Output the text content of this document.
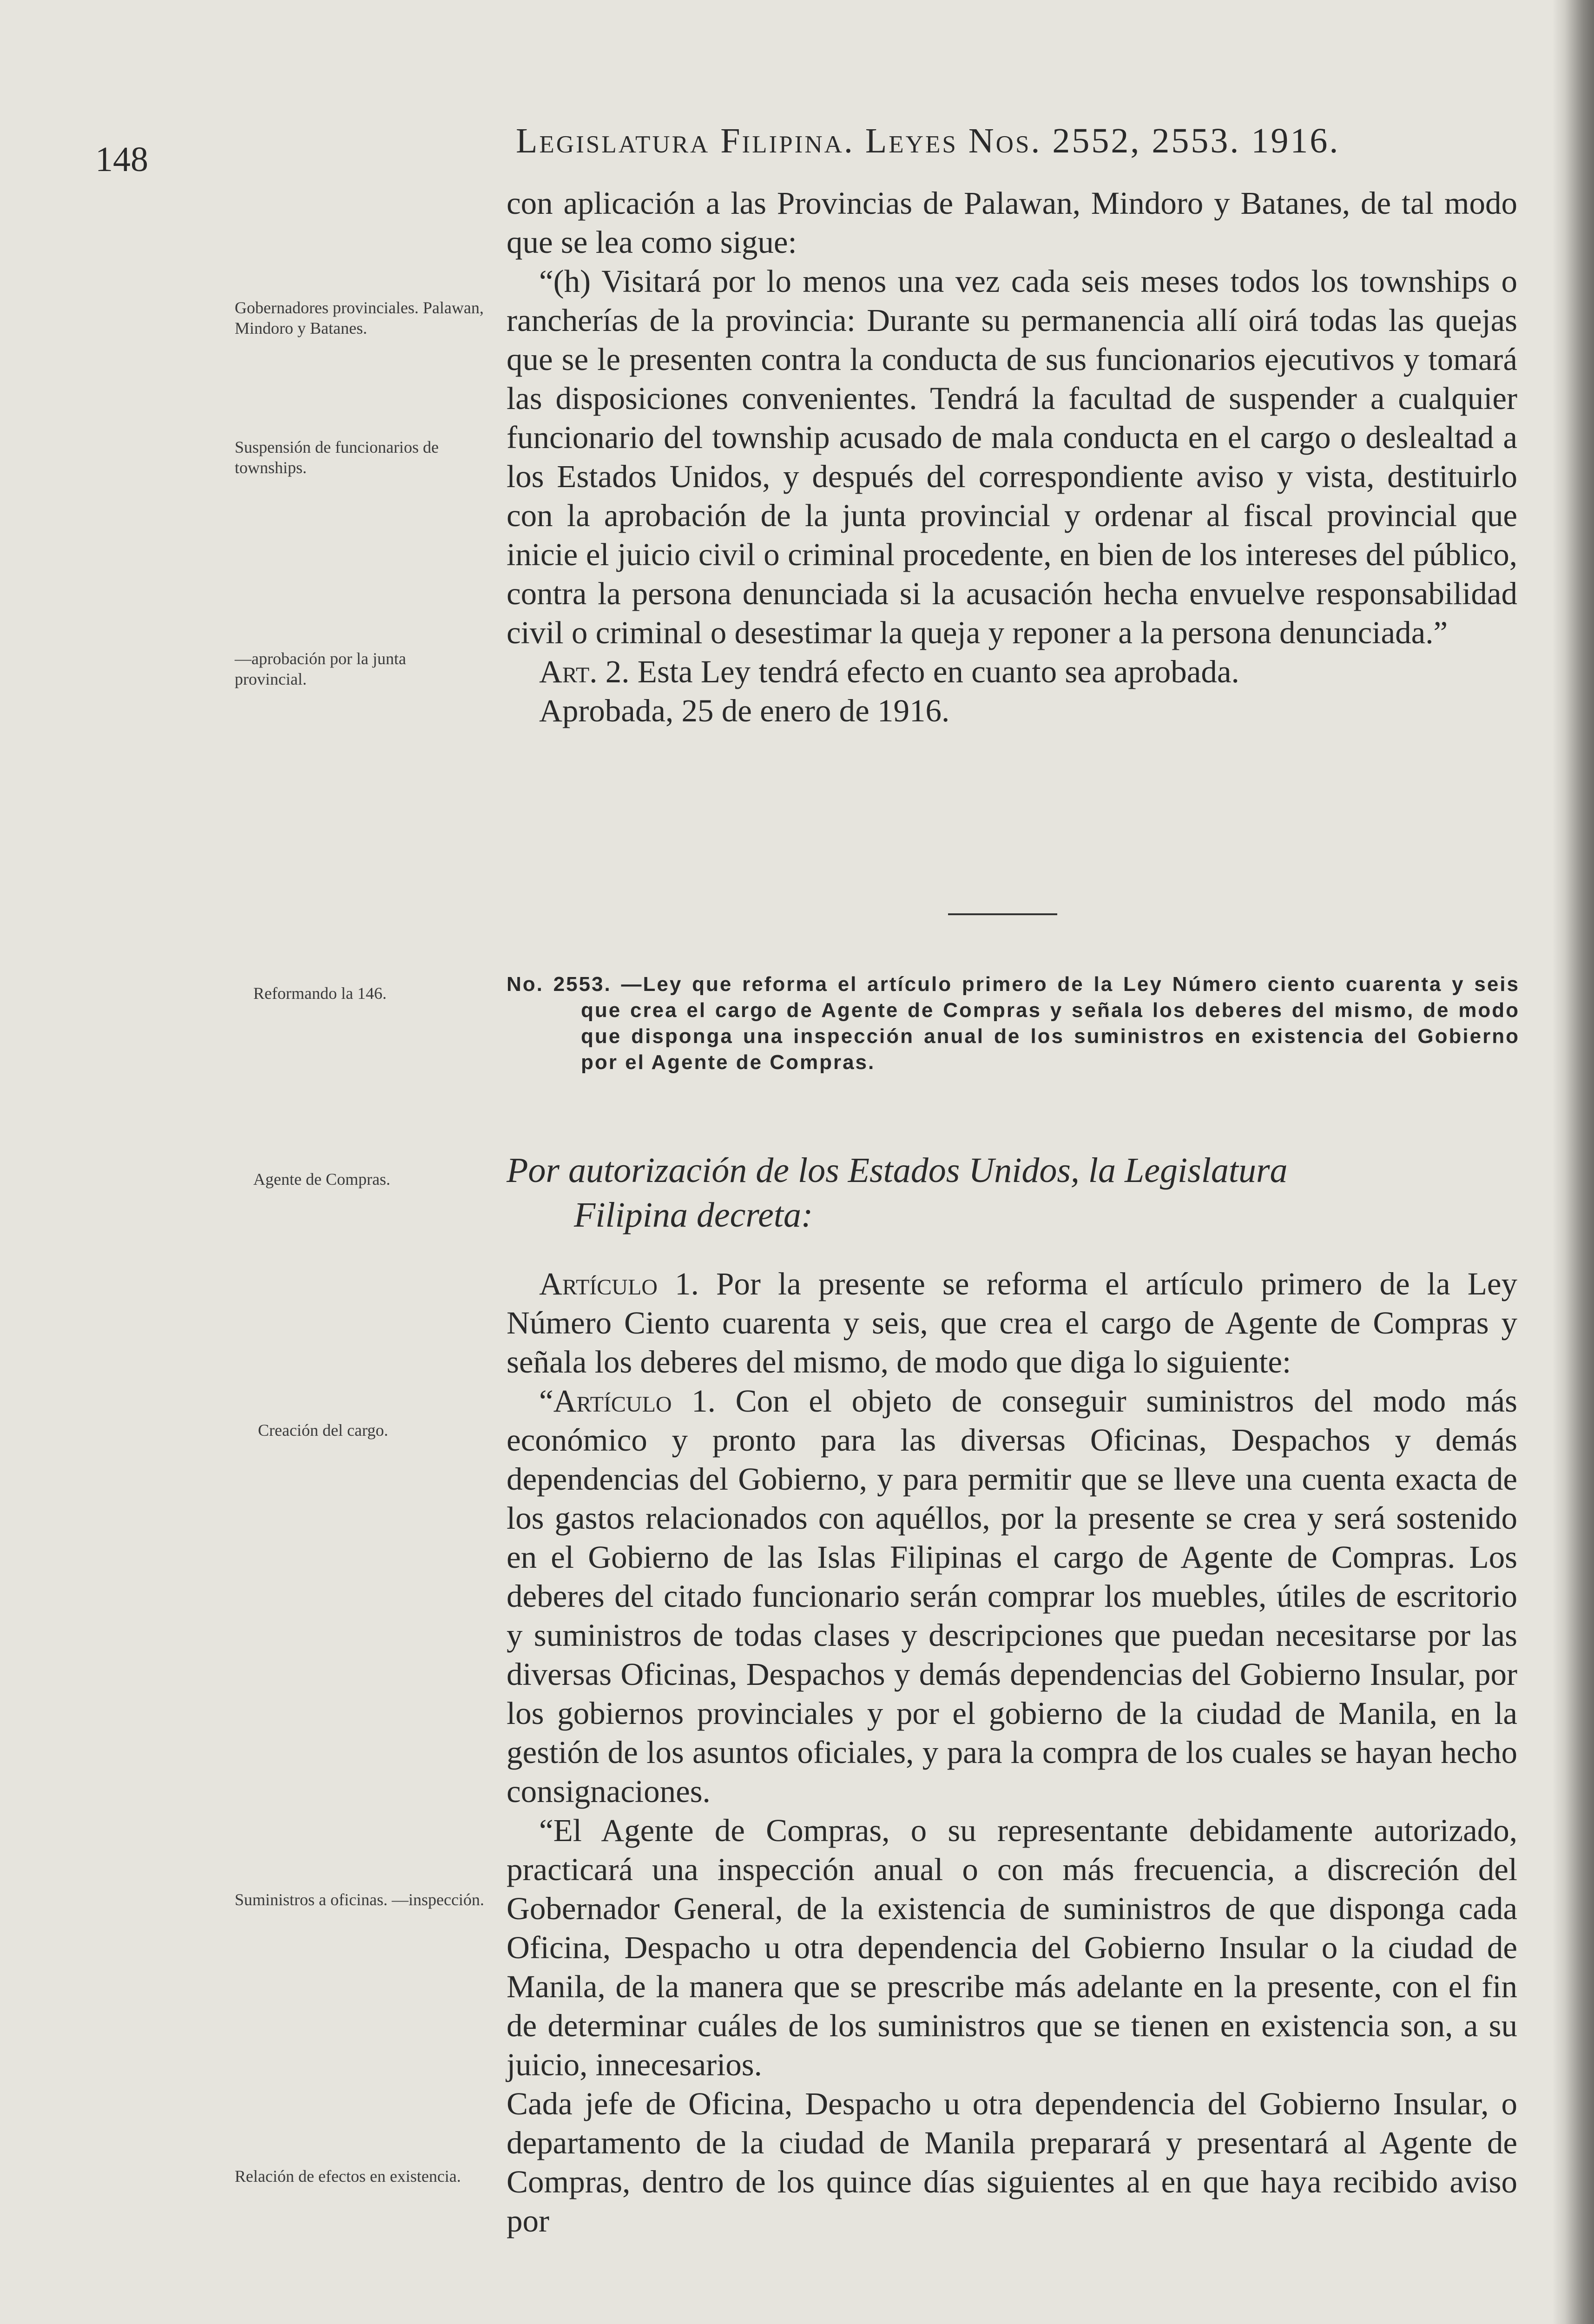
148	Legislatura Filipina. Leyes Nos. 2552, 2553. 1916.
Gobernadores provinciales. Palawan, Mindoro y Batanes.
Suspensión de funcionarios de townships.
—aprobación por la junta provincial.
Reformando la 146.
Agente de Compras.
Creación del cargo.
Suministros a oficinas. —inspección.
Relación de efectos en existencia.
con aplicación a las Provincias de Palawan, Mindoro y Batanes, de tal modo que se lea como sigue:
“(h) Visitará por lo menos una vez cada seis meses todos los townships o rancherías de la provincia: Durante su permanencia allí oirá todas las quejas que se le presenten contra la conducta de sus funcionarios ejecutivos y tomará las disposiciones convenientes. Tendrá la facultad de suspender a cualquier funcionario del township acusado de mala conducta en el cargo o deslealtad a los Estados Unidos, y después del correspondiente aviso y vista, destituirlo con la aprobación de la junta provincial y ordenar al fiscal provincial que inicie el juicio civil o criminal procedente, en bien de los intereses del público, contra la persona denunciada si la acusación hecha envuelve responsabilidad civil o criminal o desestimar la queja y reponer a la persona denunciada.”
Art. 2. Esta Ley tendrá efecto en cuanto sea aprobada.
Aprobada, 25 de enero de 1916.
No. 2553. —Ley que reforma el artículo primero de la Ley Número ciento cuarenta y seis que crea el cargo de Agente de Compras y señala los deberes del mismo, de modo que disponga una inspección anual de los suministros en existencia del Gobierno por el Agente de Compras.
Por autorización de los Estados Unidos, la Legislatura
Filipina decreta:
Artículo 1. Por la presente se reforma el artículo primero de la Ley Número Ciento cuarenta y seis, que crea el cargo de Agente de Compras y señala los deberes del mismo, de modo que diga lo siguiente:
“Artículo 1. Con el objeto de conseguir suministros del modo más económico y pronto para las diversas Oficinas, Despachos y demás dependencias del Gobierno, y para permitir que se lleve una cuenta exacta de los gastos relacionados con aquéllos, por la presente se crea y será sostenido en el Gobierno de las Islas Filipinas el cargo de Agente de Compras. Los deberes del citado funcionario serán comprar los muebles, útiles de escritorio y suministros de todas clases y descripciones que puedan necesitarse por las diversas Oficinas, Despachos y demás dependencias del Gobierno Insular, por los gobiernos provinciales y por el gobierno de la ciudad de Manila, en la gestión de los asuntos oficiales, y para la compra de los cuales se hayan hecho consignaciones.
“El Agente de Compras, o su representante debidamente autorizado, practicará una inspección anual o con más frecuencia, a discreción del Gobernador General, de la existencia de suministros de que disponga cada Oficina, Despacho u otra dependencia del Gobierno Insular o la ciudad de Manila, de la manera que se prescribe más adelante en la presente, con el fin de determinar cuáles de los suministros que se tienen en existencia son, a su juicio, innecesarios.
Cada jefe de Oficina, Despacho u otra dependencia del Gobierno Insular, o departamento de la ciudad de Manila preparará y presentará al Agente de Compras, dentro de los quince días siguientes al en que haya recibido aviso por
